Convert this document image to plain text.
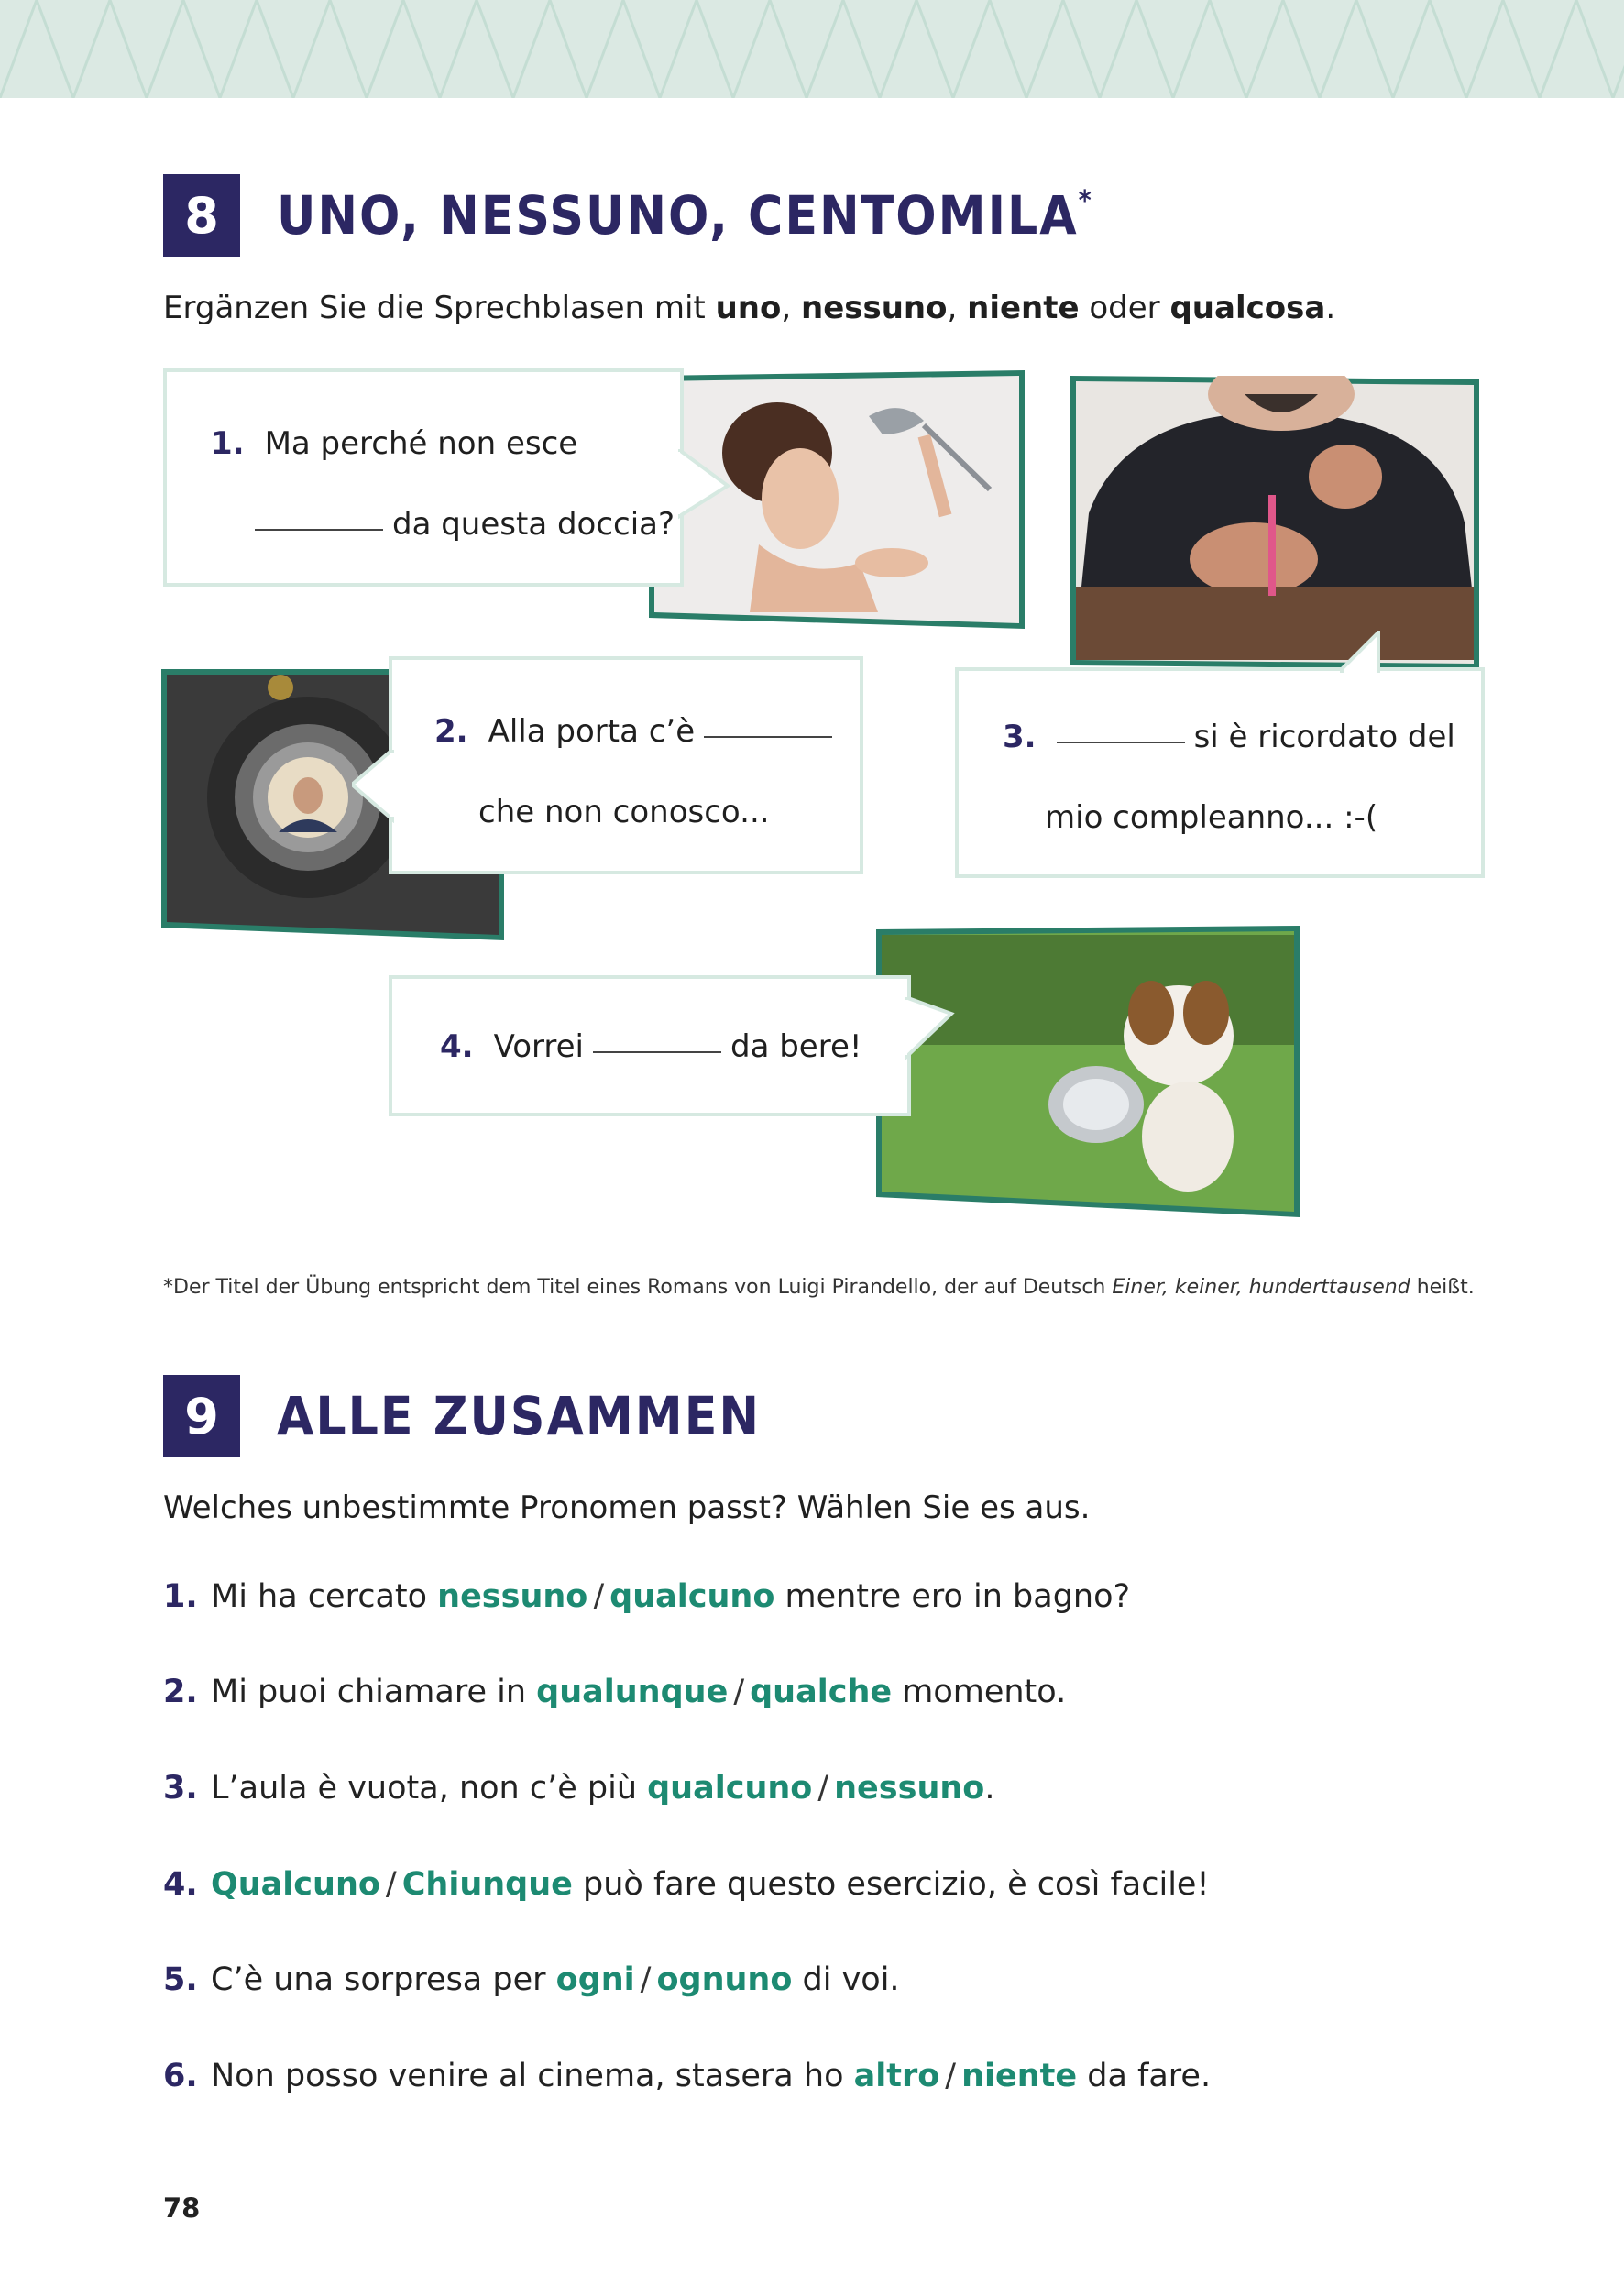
8	UNO, NESSUNO, CENTOMILA*
Ergänzen Sie die Sprechblasen mit uno, nessuno, niente oder qualcosa.
1. Ma perché non esce
da questa doccia?
2. Alla porta c’è
che non conosco...
3.	si è ricordato del
mio compleanno... :-(
4. Vorrei	da bere!
*Der Titel der Übung entspricht dem Titel eines Romans von Luigi Pirandello, der auf Deutsch Einer, keiner, hunderttausend heißt.
9	ALLE ZUSAMMEN
Welches unbestimmte Pronomen passt? Wählen Sie es aus.
1. Mi ha cercato nessuno / qualcuno mentre ero in bagno?
2. Mi puoi chiamare in qualunque / qualche momento.
3. L’aula è vuota, non c’è più qualcuno / nessuno.
4. Qualcuno / Chiunque può fare questo esercizio, è così facile!
5. C’è una sorpresa per ogni / ognuno di voi.
6. Non posso venire al cinema, stasera ho altro / niente da fare.
78
